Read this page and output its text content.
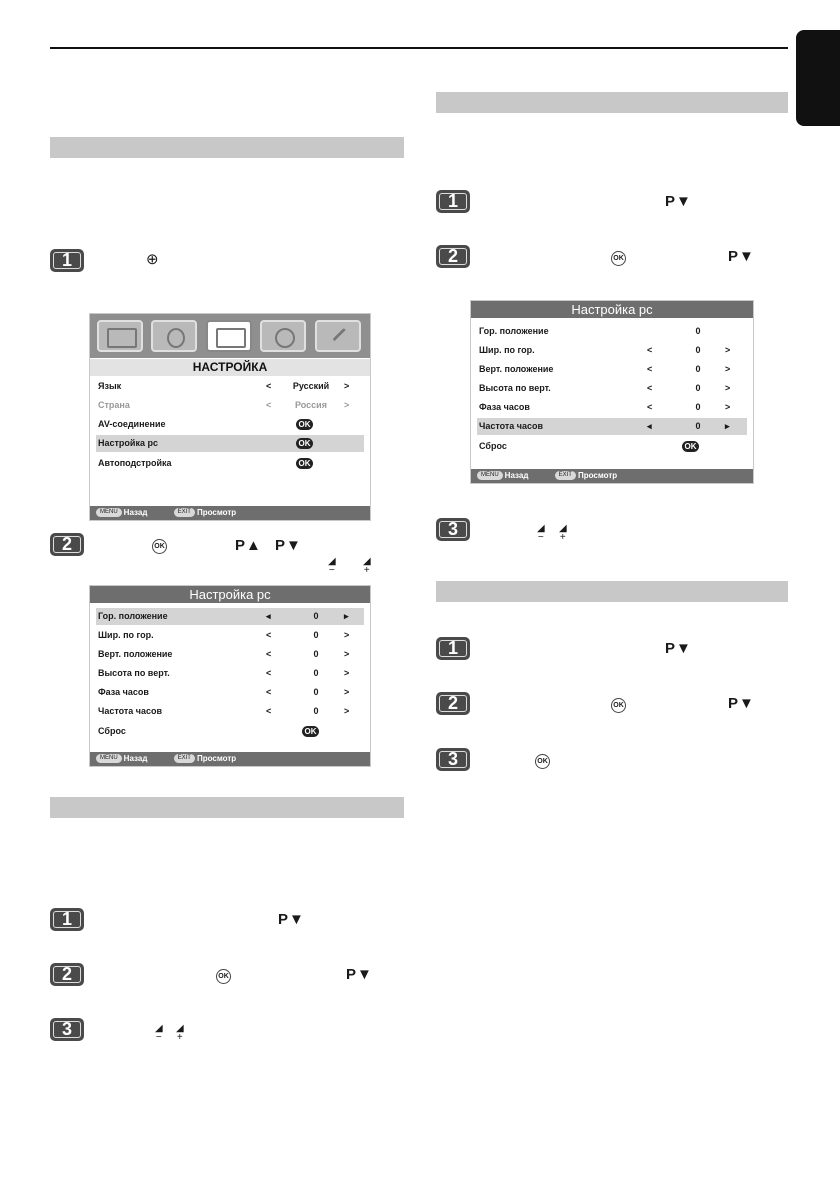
1	⊕
НАСТРОЙКА
Язык	<	Русский	>
Страна	<	Россия	>
AV-соединение	OK
Настройка рс	OK
Автоподстройка	OK
MENU Назад	EXIT Просмотр
2	OK	P▲ P▼
◢
−
◢
+
Настройка рс
Гор. положение	◂	0	▸
Шир. по гор.	<	0	>
Верт. положение	<	0	>
Высота по верт.	<	0	>
Фаза часов	<	0	>
Частота часов	<	0	>
Сброс	OK
MENU Назад	EXIT Просмотр
1	P▼
2	OK	P▼
3	◢
−
◢
+
1	P▼
2	OK	P▼
Настройка рс
Гор. положение	0
Шир. по гор.	<	0	>
Верт. положение	<	0	>
Высота по верт.	<	0	>
Фаза часов	<	0	>
Частота часов	◂	0	▸
Сброс	OK
MENU Назад	EXIT Просмотр
3	◢
−
◢
+
1	P▼
2	OK	P▼
3	OK
